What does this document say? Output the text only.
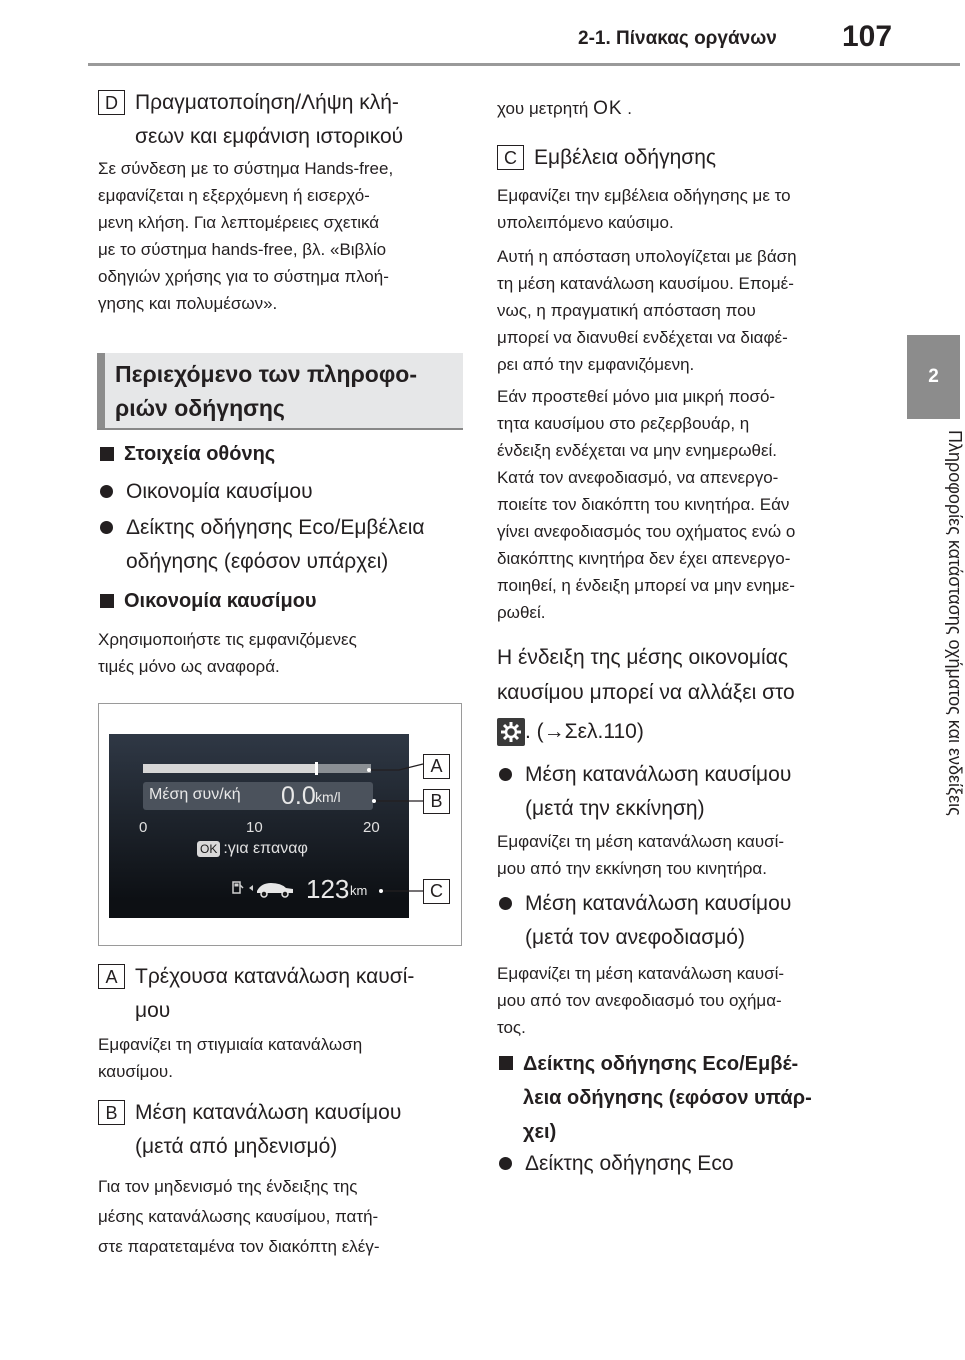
2-1. Πίνακας οργάνων 107
2
Πληροφορίες κατάστασης οχήματος και ενδείξεις
D Πραγματοποίηση/Λήψη κλή-
σεων και εμφάνιση ιστορικού
Σε σύνδεση με το σύστημα Hands-free,
εμφανίζεται η εξερχόμενη ή εισερχό-
μενη κλήση. Για λεπτομέρειες σχετικά
με το σύστημα hands-free, βλ. «Βιβλίο
οδηγιών χρήσης για το σύστημα πλοή-
γησης και πολυμέσων».
Περιεχόμενο των πληροφο-
ριών οδήγησης
Στοιχεία οθόνης
Οικονομία καυσίμου
Δείκτης οδήγησης Eco/Εμβέλεια
οδήγησης (εφόσον υπάρχει)
Οικονομία καυσίμου
Χρησιμοποιήστε τις εμφανιζόμενες
τιμές μόνο ως αναφορά.
Μέση συν/κή 0.0 km/l
0	10	20
OK :για επαναφ
123 km
A
B
C
A Τρέχουσα κατανάλωση καυσί-
μου
Εμφανίζει τη στιγμιαία κατανάλωση
καυσίμου.
B Μέση κατανάλωση καυσίμου
(μετά από μηδενισμό)
Για τον μηδενισμό της ένδειξης της
μέσης κατανάλωσης καυσίμου, πατή-
στε παρατεταμένα τον διακόπτη ελέγ-
χου μετρητή OK .
C Εμβέλεια οδήγησης
Εμφανίζει την εμβέλεια οδήγησης με το
υπολειπόμενο καύσιμο.
Αυτή η απόσταση υπολογίζεται με βάση
τη μέση κατανάλωση καυσίμου. Επομέ-
νως, η πραγματική απόσταση που
μπορεί να διανυθεί ενδέχεται να διαφέ-
ρει από την εμφανιζόμενη.
Εάν προστεθεί μόνο μια μικρή ποσό-
τητα καυσίμου στο ρεζερβουάρ, η
ένδειξη ενδέχεται να μην ενημερωθεί.
Κατά τον ανεφοδιασμό, να απενεργο-
ποιείτε τον διακόπτη του κινητήρα. Εάν
γίνει ανεφοδιασμός του οχήματος ενώ ο
διακόπτης κινητήρα δεν έχει απενεργο-
ποιηθεί, η ένδειξη μπορεί να μην ενημε-
ρωθεί.
Η ένδειξη της μέσης οικονομίας
καυσίμου μπορεί να αλλάξει στο
. (→Σελ.110)
Μέση κατανάλωση καυσίμου
(μετά την εκκίνηση)
Εμφανίζει τη μέση κατανάλωση καυσί-
μου από την εκκίνηση του κινητήρα.
Μέση κατανάλωση καυσίμου
(μετά τον ανεφοδιασμό)
Εμφανίζει τη μέση κατανάλωση καυσί-
μου από τον ανεφοδιασμό του οχήμα-
τος.
Δείκτης οδήγησης Eco/Εμβέ-
λεια οδήγησης (εφόσον υπάρ-
χει)
Δείκτης οδήγησης Eco
